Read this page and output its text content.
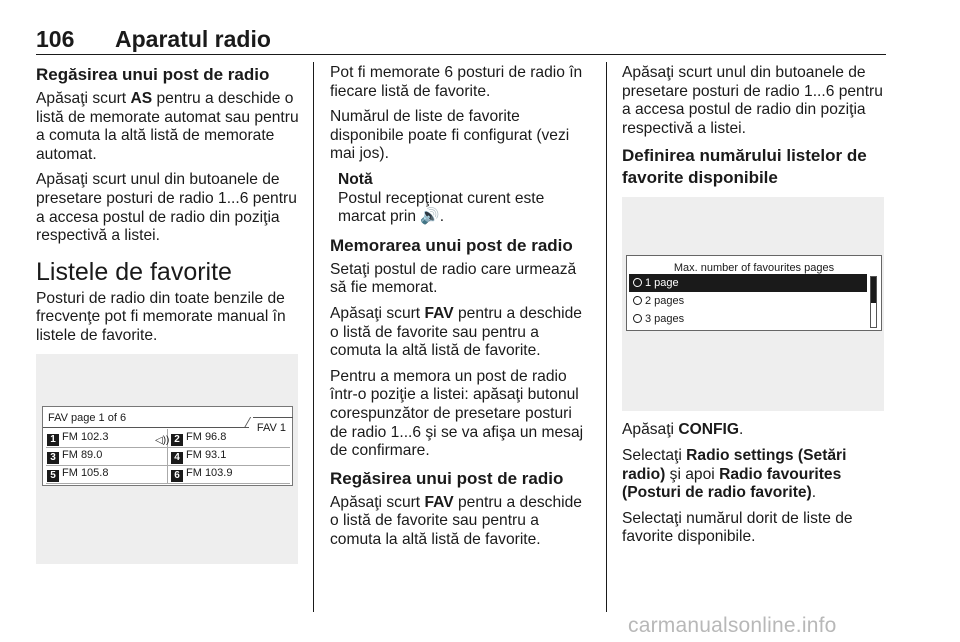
106 Aparatul radio
Regăsirea unui post de radio
Apăsaţi scurt AS pentru a deschide o listă de memorate automat sau pentru a comuta la altă listă de memorate automat.
Apăsaţi scurt unul din butoanele de presetare posturi de radio 1...6 pentru a accesa postul de radio din poziţia respectivă a listei.
Listele de favorite
Posturi de radio din toate benzile de frecvenţe pot fi memorate manual în listele de favorite.
FAV page 1 of 6
FAV 1
1 FM 102.3	◁)) 2 FM 96.8
3 FM 89.0	4 FM 93.1
5 FM 105.8	6 FM 103.9
Pot fi memorate 6 posturi de radio în fiecare listă de favorite.
Numărul de liste de favorite disponibile poate fi configurat (vezi mai jos).
Notă
Postul recepţionat curent este marcat prin 🔊.
Memorarea unui post de radio
Setaţi postul de radio care urmează să fie memorat.
Apăsaţi scurt FAV pentru a deschide o listă de favorite sau pentru a comuta la altă listă de favorite.
Pentru a memora un post de radio într-o poziţie a listei: apăsaţi butonul corespunzător de presetare posturi de radio 1...6 şi se va afişa un mesaj de confirmare.
Regăsirea unui post de radio
Apăsaţi scurt FAV pentru a deschide o listă de favorite sau pentru a comuta la altă listă de favorite.
Apăsaţi scurt unul din butoanele de presetare posturi de radio 1...6 pentru a accesa postul de radio din poziţia respectivă a listei.
Definirea numărului listelor de favorite disponibile
Max. number of favourites pages
1 page
2 pages
3 pages
Apăsaţi CONFIG.
Selectaţi Radio settings (Setări radio) şi apoi Radio favourites (Posturi de radio favorite).
Selectaţi numărul dorit de liste de favorite disponibile.
carmanualsonline.info
